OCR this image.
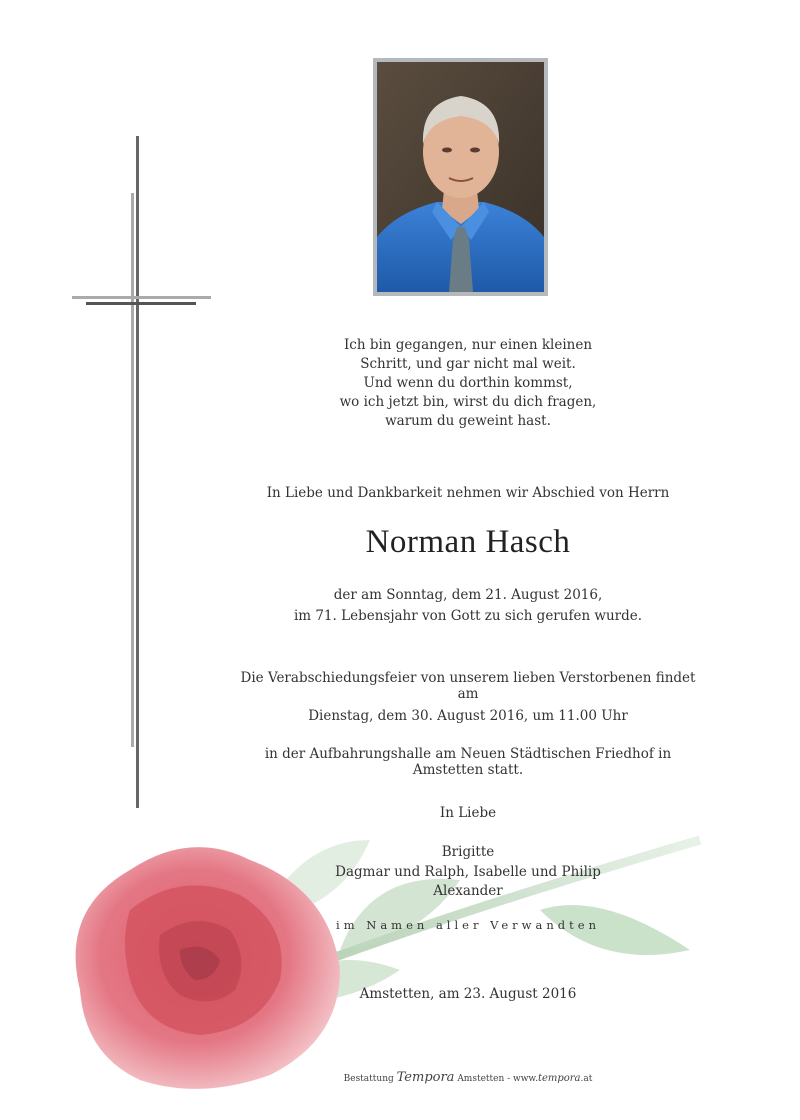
Ich bin gegangen, nur einen kleinen
Schritt, und gar nicht mal weit.
Und wenn du dorthin kommst,
wo ich jetzt bin, wirst du dich fragen,
warum du geweint hast.
In Liebe und Dankbarkeit nehmen wir Abschied von Herrn
Norman Hasch
der am Sonntag, dem 21. August 2016,
im 71. Lebensjahr von Gott zu sich gerufen wurde.
Die Verabschiedungsfeier von unserem lieben Verstorbenen findet am
Dienstag, dem 30. August 2016, um 11.00 Uhr
in der Aufbahrungshalle am Neuen Städtischen Friedhof in Amstetten statt.
In Liebe
Brigitte
Dagmar und Ralph, Isabelle und Philip
Alexander
im Namen aller Verwandten
Amstetten, am 23. August 2016
Bestattung Tempora Amstetten - www.tempora.at
